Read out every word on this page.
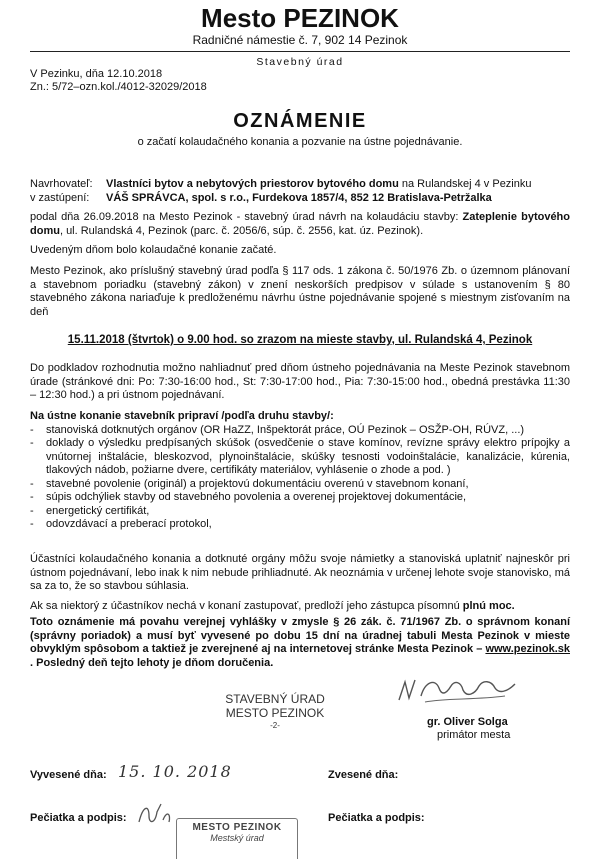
Mesto PEZINOK
Radničné námestie č. 7, 902 14 Pezinok
Stavebný úrad
V Pezinku, dňa 12.10.2018
Zn.: 5/72–ozn.kol./4012-32029/2018
OZNÁMENIE
o začatí kolaudačného konania a pozvanie na ústne pojednávanie.
Navrhovateľ: Vlastníci bytov a nebytových priestorov bytového domu na Rulandskej 4 v Pezinku
v zastúpení: VÁŠ SPRÁVCA, spol. s r.o., Furdekova 1857/4, 852 12 Bratislava-Petržalka
podal dňa 26.09.2018 na Mesto Pezinok - stavebný úrad návrh na kolaudáciu stavby: Zateplenie bytového domu, ul. Rulandská 4, Pezinok (parc. č. 2056/6, súp. č. 2556, kat. úz. Pezinok).
Uvedeným dňom bolo kolaudačné konanie začaté.
Mesto Pezinok, ako príslušný stavebný úrad podľa § 117 ods. 1 zákona č. 50/1976 Zb. o územnom plánovaní a stavebnom poriadku (stavebný zákon) v znení neskorších predpisov v súlade s ustanovením § 80 stavebného zákona nariaďuje k predloženému návrhu ústne pojednávanie spojené s miestnym zisťovaním na deň
15.11.2018 (štvrtok) o 9.00 hod. so zrazom na mieste stavby, ul. Rulandská 4, Pezinok
Do podkladov rozhodnutia možno nahliadnuť pred dňom ústneho pojednávania na Meste Pezinok stavebnom úrade (stránkové dni: Po: 7:30-16:00 hod., St: 7:30-17:00 hod., Pia: 7:30-15:00 hod., obedná prestávka 11:30 – 12:30 hod.) a pri ústnom pojednávaní.
Na ústne konanie stavebník pripraví /podľa druhu stavby/:
- stanoviská dotknutých orgánov (OR HaZZ, Inšpektorát práce, OÚ Pezinok – OSŽP-OH, RÚVZ, ...)
- doklady o výsledku predpísaných skúšok (osvedčenie o stave komínov, revízne správy elektro prípojky a vnútornej inštalácie, bleskozvod, plynoinštalácie, skúšky tesnosti vodoinštalácie, kanalizácie, kúrenia, tlakových nádob, požiarne dvere, certifikáty materiálov, vyhlásenie o zhode a pod. )
- stavebné povolenie (originál) a projektovú dokumentáciu overenú v stavebnom konaní,
- súpis odchýliek stavby od stavebného povolenia a overenej projektovej dokumentácie,
- energetický certifikát,
- odovzdávací a preberací protokol,
Účastníci kolaudačného konania a dotknuté orgány môžu svoje námietky a stanoviská uplatniť najneskôr pri ústnom pojednávaní, lebo inak k nim nebude prihliadnuté. Ak neoznámia v určenej lehote svoje stanovisko, má sa za to, že so stavbou súhlasia.
Ak sa niektorý z účastníkov nechá v konaní zastupovať, predloží jeho zástupca písomnú plnú moc.
Toto oznámenie má povahu verejnej vyhlášky v zmysle § 26 zák. č. 71/1967 Zb. o správnom konaní (správny poriadok) a musí byť vyvesené po dobu 15 dní na úradnej tabuli Mesta Pezinok v mieste obvyklým spôsobom a taktiež je zverejnené aj na internetovej stránke Mesta Pezinok – www.pezinok.sk . Posledný deň tejto lehoty je dňom doručenia.
STAVEBNÝ ÚRAD
MESTO PEZINOK
-2-	gr. Oliver Solga
primátor mesta
Vyvesené dňa: 15. 10. 2018	Zvesené dňa:
Pečiatka a podpis:	Pečiatka a podpis:
MESTO PEZINOK
Mestský úrad
